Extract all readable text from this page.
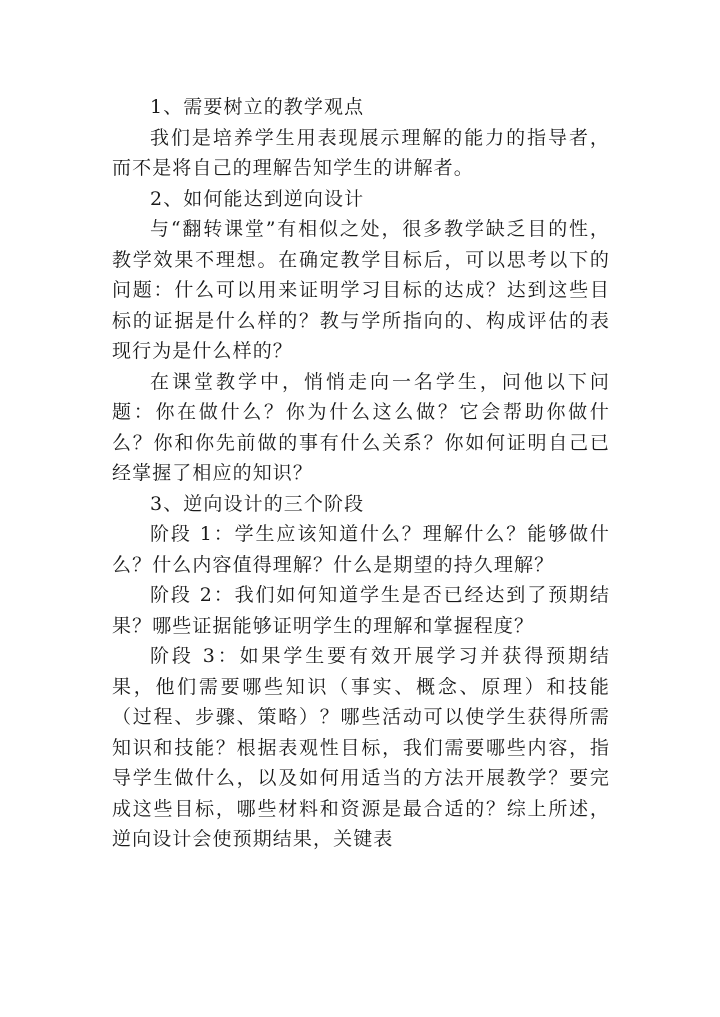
1、需要树立的教学观点

我们是培养学生用表现展示理解的能力的指导者，而不是将自己的理解告知学生的讲解者。

2、如何能达到逆向设计

与“翻转课堂”有相似之处，很多教学缺乏目的性，教学效果不理想。在确定教学目标后，可以思考以下的问题：什么可以用来证明学习目标的达成？达到这些目标的证据是什么样的？教与学所指向的、构成评估的表现行为是什么样的？

在课堂教学中，悄悄走向一名学生，问他以下问题：你在做什么？你为什么这么做？它会帮助你做什么？你和你先前做的事有什么关系？你如何证明自己已经掌握了相应的知识？

3、逆向设计的三个阶段

阶段 1：学生应该知道什么？理解什么？能够做什么？什么内容值得理解？什么是期望的持久理解？

阶段 2：我们如何知道学生是否已经达到了预期结果？哪些证据能够证明学生的理解和掌握程度？

阶段 3：如果学生要有效开展学习并获得预期结果，他们需要哪些知识（事实、概念、原理）和技能（过程、步骤、策略）？哪些活动可以使学生获得所需知识和技能？根据表观性目标，我们需要哪些内容，指导学生做什么，以及如何用适当的方法开展教学？要完成这些目标，哪些材料和资源是最合适的？综上所述，逆向设计会使预期结果，关键表
